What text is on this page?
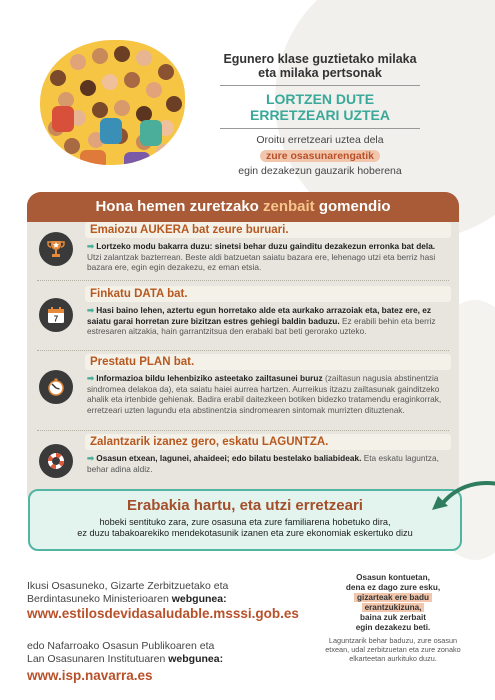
Egunero klase guztietako milaka
eta milaka pertsonak
LORTZEN DUTE
ERRETZEARI UZTEA
Oroitu erretzeari uztea dela
zure osasunarengatik
egin dezakezun gauzarik hoberena
Hona hemen zuretzako zenbait gomendio
Emaiozu AUKERA bat zeure buruari.
➡ Lortzeko modu bakarra duzu: sinetsi behar duzu gainditu dezakezun erronka bat dela. Utzi zalantzak bazterrean. Beste aldi batzuetan saiatu bazara ere, lehenago utzi eta berriz hasi bazara ere, egin egin dezakezu, ez eman etsia.
7
Finkatu DATA bat.
➡ Hasi baino lehen, aztertu egun horretako alde eta aurkako arrazoiak eta, batez ere, ez saiatu garai horretan zure bizitzan estres gehiegi baldin baduzu. Ez erabili behin eta berriz estresaren aitzakia, hain garrantzitsua den erabaki bat beti gerorako uzteko.
Prestatu PLAN bat.
➡ Informazioa bildu lehenbiziko asteetako zailtasunei buruz (zailtasun nagusia abstinentzia sindromea delakoa da), eta saiatu haiei aurrea hartzen. Aurreikus itzazu zailtasunak gainditzeko ahalik eta irtenbide gehienak. Badira erabil daitezkeen botiken bidezko tratamendu eraginkorrak, erretzeari uzten lagundu eta abstinentzia sindromearen sintomak murrizten dituztenak.
Zalantzarik izanez gero, eskatu LAGUNTZA.
➡ Osasun etxean, lagunei, ahaideei; edo bilatu bestelako baliabideak. Eta eskatu laguntza, behar adina aldiz.
Erabakia hartu, eta utzi erretzeari
hobeki sentituko zara, zure osasuna eta zure familiarena hobetuko dira,
ez duzu tabakoarekiko mendekotasunik izanen eta zure ekonomiak eskertuko dizu
Ikusi Osasuneko, Gizarte Zerbitzuetako eta
Berdintasuneko Ministerioaren webgunea:
www.estilosdevidasaludable.msssi.gob.es
edo Nafarroako Osasun Publikoaren eta
Lan Osasunaren Institutuaren webgunea:
www.isp.navarra.es
Osasun kontuetan,
dena ez dago zure esku,
gizarteak ere badu
erantzukizuna,
baina zuk zerbait
egin dezakezu beti.
Laguntzarik behar baduzu, zure osasun etxean, udal zerbitzuetan eta zure zonako elkarteetan aurkituko duzu.
